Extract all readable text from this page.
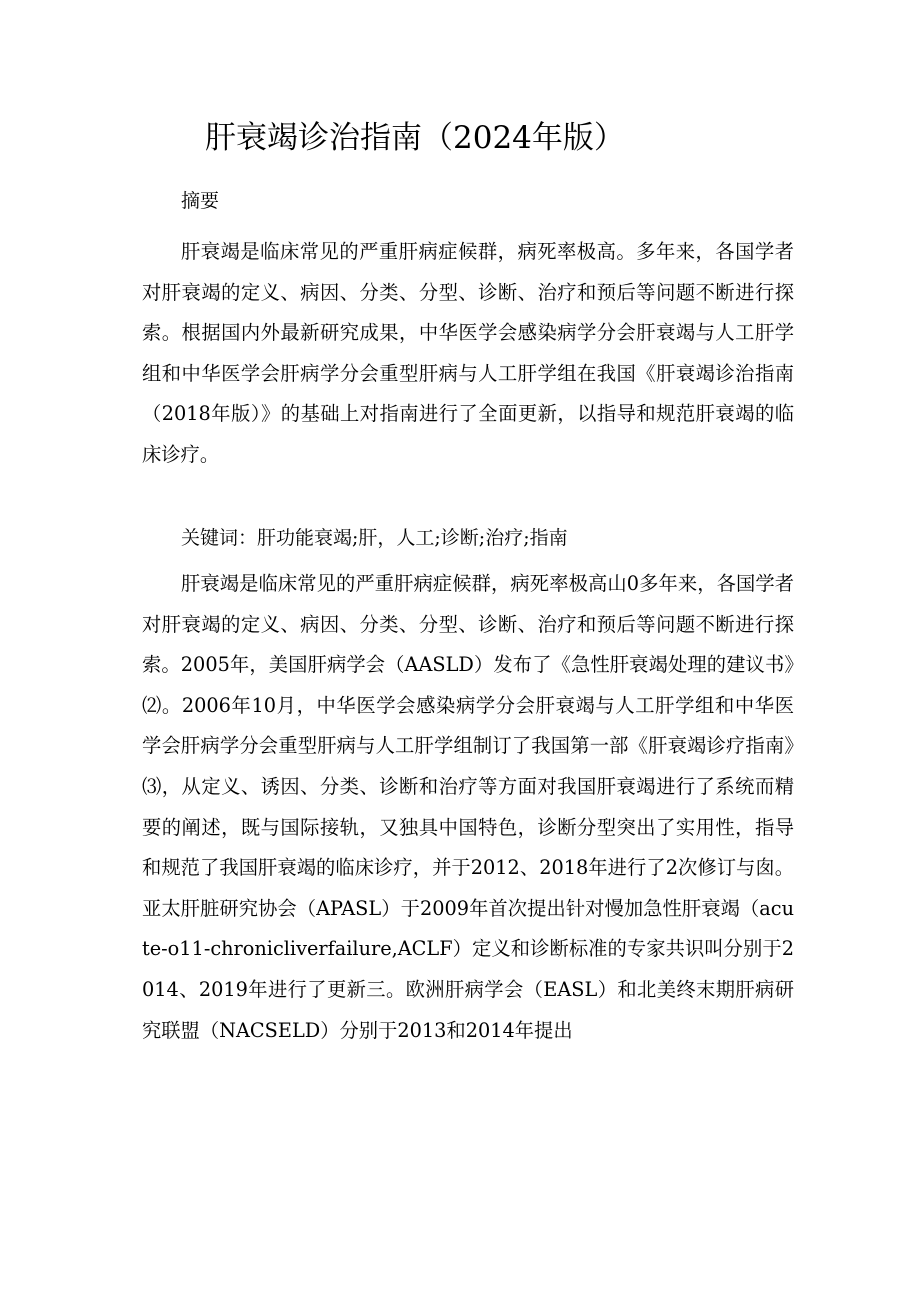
肝衰竭诊治指南（2024年版）

摘要

肝衰竭是临床常见的严重肝病症候群，病死率极高。多年来，各国学者对肝衰竭的定义、病因、分类、分型、诊断、治疗和预后等问题不断进行探索。根据国内外最新研究成果，中华医学会感染病学分会肝衰竭与人工肝学组和中华医学会肝病学分会重型肝病与人工肝学组在我国《肝衰竭诊治指南（2018年版）》的基础上对指南进行了全面更新，以指导和规范肝衰竭的临床诊疗。

关键词：肝功能衰竭;肝，人工;诊断;治疗;指南

肝衰竭是临床常见的严重肝病症候群，病死率极高山0多年来，各国学者对肝衰竭的定义、病因、分类、分型、诊断、治疗和预后等问题不断进行探索。2005年，美国肝病学会（AASLD）发布了《急性肝衰竭处理的建议书》⑵。2006年10月，中华医学会感染病学分会肝衰竭与人工肝学组和中华医学会肝病学分会重型肝病与人工肝学组制订了我国第一部《肝衰竭诊疗指南》⑶，从定义、诱因、分类、诊断和治疗等方面对我国肝衰竭进行了系统而精要的阐述，既与国际接轨，又独具中国特色，诊断分型突出了实用性，指导和规范了我国肝衰竭的临床诊疗，并于2012、2018年进行了2次修订与囱。亚太肝脏研究协会（APASL）于2009年首次提出针对慢加急性肝衰竭（acute-o11-chronicliverfailure,ACLF）定义和诊断标准的专家共识叫分别于2014、2019年进行了更新三。欧洲肝病学会（EASL）和北美终末期肝病研究联盟（NACSELD）分别于2013和2014年提出
